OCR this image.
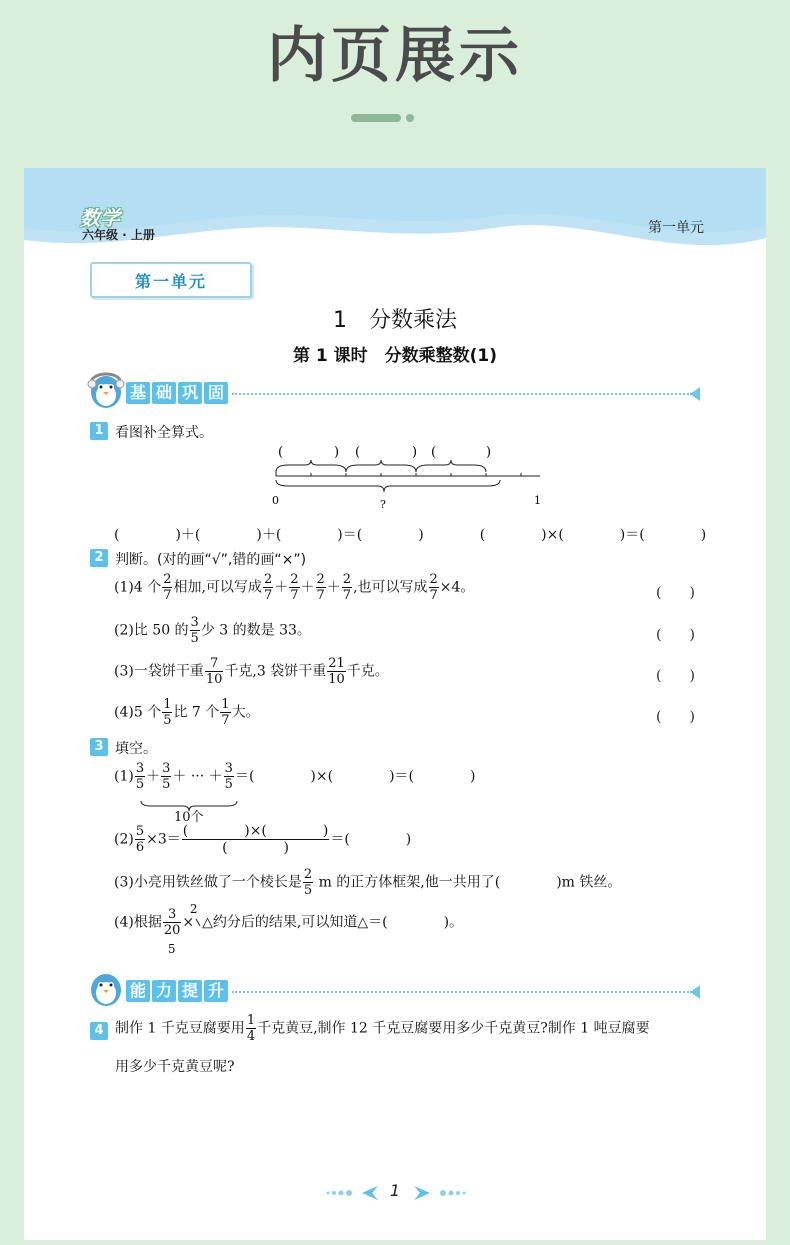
内页展示
数学
六年级 · 上册	第一单元
第一单元
1　分数乘法
第 1 课时　分数乘整数(1)
基 础 巩 固
1 看图补全算式。
(	) (	) (	)
0	?	1
(　　　　)＋(　　　　)＋(　　　　)＝(　　　　)　　　　(　　　　)×(　　　　)＝(　　　　)
2 判断。(对的画“√”,错的画“×”)
(1)4 个 $\frac{2}{7}$ 相加,可以写成 $\frac{2}{7} + \frac{2}{7} + \frac{2}{7} + \frac{2}{7}$ ,也可以写成 $\frac{2}{7} \times 4$。	(　　)
(2)比 50 的 $\frac{3}{5}$ 少 3 的数是 33。	(　　)
(3)一袋饼干重 $\frac{7}{10}$ 千克,3 袋饼干重 $\frac{21}{10}$ 千克。	(　　)
(4)5 个 $\frac{1}{5}$ 比 7 个 $\frac{1}{7}$ 大。	(　　)
3 填空。
$(1) \frac{3}{5} + \frac{3}{5}$ ＋ ··· ＋ $\frac{3}{5}$ ＝(　　　　)×(　　　　)＝(　　　　)
10个
$(2) \frac{5}{6} \times 3= \frac{( )\times( )}{( )}$ ＝(　　　　)
(3)小亮用铁丝做了一个棱长是 $\frac{2}{5}$ m 的正方体框架,他一共用了(　　　　)m 铁丝。
(4)根据 $\frac{3}{20} 2$
5
× △约分后的结果,可以知道△＝(　　　　)。
能 力 提 升
4 制作 1 千克豆腐要用 $\frac{1}{4}$ 千克黄豆,制作 12 千克豆腐要用多少千克黄豆?制作 1 吨豆腐要
用多少千克黄豆呢?
1
